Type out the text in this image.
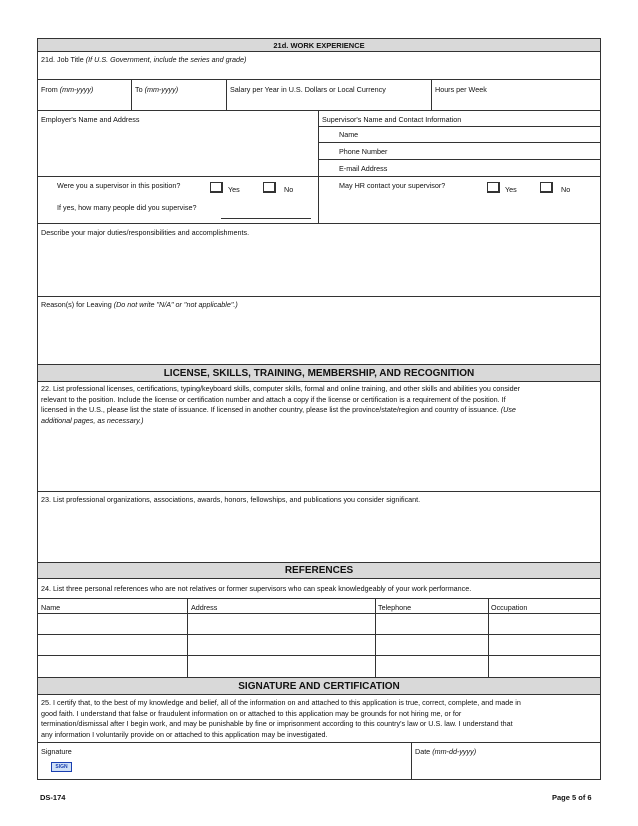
21d. WORK EXPERIENCE
21d. Job Title (If U.S. Government, include the series and grade)
From (mm-yyyy)	To (mm-yyyy)	Salary per Year in U.S. Dollars or Local Currency	Hours per Week
Employer's Name and Address	Supervisor's Name and Contact Information
Name
Phone Number
E-mail Address
Were you a supervisor in this position?	Yes	No
If yes, how many people did you supervise?
May HR contact your supervisor?	Yes	No
Describe your major duties/responsibilities and accomplishments.
Reason(s) for Leaving (Do not write "N/A" or "not applicable".)
LICENSE, SKILLS, TRAINING, MEMBERSHIP, AND RECOGNITION
22. List professional licenses, certifications, typing/keyboard skills, computer skills, formal and online training, and other skills and abilities you consider
relevant to the position. Include the license or certification number and attach a copy if the license or certification is a requirement of the position. If
licensed in the U.S., please list the state of issuance. If licensed in another country, please list the province/state/region and country of issuance. (Use
additional pages, as necessary.)
23. List professional organizations, associations, awards, honors, fellowships, and publications you consider significant.
REFERENCES
24. List three personal references who are not relatives or former supervisors who can speak knowledgeably of your work performance.
Name	Address	Telephone	Occupation
SIGNATURE AND CERTIFICATION
25. I certify that, to the best of my knowledge and belief, all of the information on and attached to this application is true, correct, complete, and made in
good faith. I understand that false or fraudulent information on or attached to this application may be grounds for not hiring me, or for
termination/dismissal after I begin work, and may be punishable by fine or imprisonment according to this country's law or U.S. law. I understand that
any information I voluntarily provide on or attached to this application may be investigated.
Signature
SIGN
Date (mm-dd-yyyy)
DS-174	Page 5 of 6
